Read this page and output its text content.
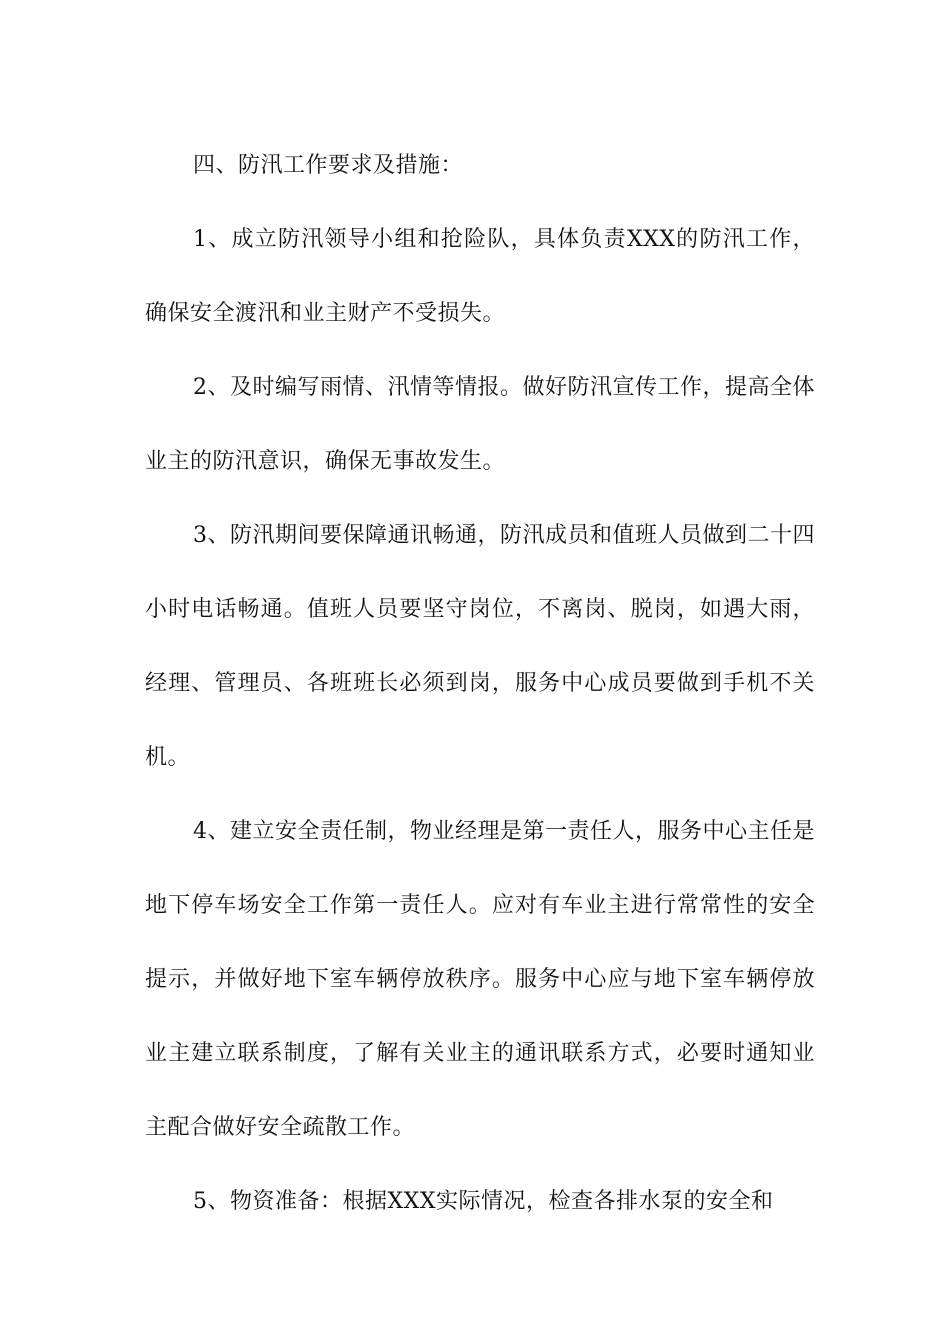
四、防汛工作要求及措施：

1、成立防汛领导小组和抢险队，具体负责XXX的防汛工作，确保安全渡汛和业主财产不受损失。

2、及时编写雨情、汛情等情报。做好防汛宣传工作，提高全体业主的防汛意识，确保无事故发生。

3、防汛期间要保障通讯畅通，防汛成员和值班人员做到二十四小时电话畅通。值班人员要坚守岗位，不离岗、脱岗，如遇大雨，经理、管理员、各班班长必须到岗，服务中心成员要做到手机不关机。

4、建立安全责任制，物业经理是第一责任人，服务中心主任是地下停车场安全工作第一责任人。应对有车业主进行常常性的安全提示，并做好地下室车辆停放秩序。服务中心应与地下室车辆停放业主建立联系制度，了解有关业主的通讯联系方式，必要时通知业主配合做好安全疏散工作。

5、物资准备：根据XXX实际情况，检查各排水泵的安全和
